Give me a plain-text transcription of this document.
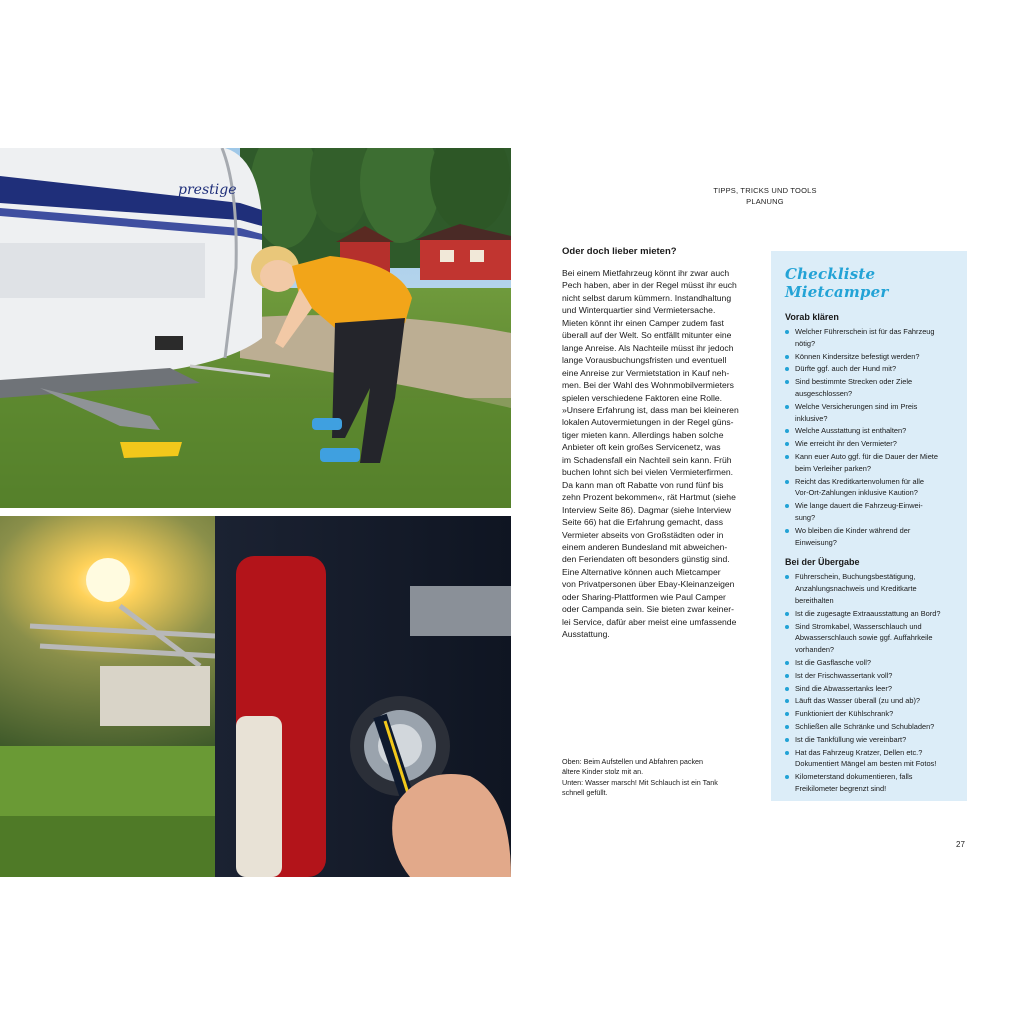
prestige	TIPPS, TRICKS UND TOOLS
PLANUNG
Oder doch lieber mieten?

Bei einem Mietfahrzeug könnt ihr zwar auch
Pech haben, aber in der Regel müsst ihr euch
nicht selbst darum kümmern. Instandhaltung
und Winterquartier sind Vermietersache.
Mieten könnt ihr einen Camper zudem fast
überall auf der Welt. So entfällt mitunter eine
lange Anreise. Als Nachteile müsst ihr jedoch
lange Vorausbuchungsfristen und eventuell
eine Anreise zur Vermietstation in Kauf neh-
men. Bei der Wahl des Wohnmobilvermieters
spielen verschiedene Faktoren eine Rolle.
»Unsere Erfahrung ist, dass man bei kleineren
lokalen Autovermietungen in der Regel güns-
tiger mieten kann. Allerdings haben solche
Anbieter oft kein großes Servicenetz, was
im Schadensfall ein Nachteil sein kann. Früh
buchen lohnt sich bei vielen Vermieterfirmen.
Da kann man oft Rabatte von rund fünf bis
zehn Prozent bekommen«, rät Hartmut (siehe
Interview Seite 86). Dagmar (siehe Interview
Seite 66) hat die Erfahrung gemacht, dass
Vermieter abseits von Großstädten oder in
einem anderen Bundesland mit abweichen-
den Feriendaten oft besonders günstig sind.
Eine Alternative können auch Mietcamper
von Privatpersonen über Ebay-Kleinanzeigen
oder Sharing-Plattformen wie Paul Camper
oder Campanda sein. Sie bieten zwar keiner-
lei Service, dafür aber meist eine umfassende
Ausstattung.

Oben: Beim Aufstellen und Abfahren packen
ältere Kinder stolz mit an.
Unten: Wasser marsch! Mit Schlauch ist ein Tank
schnell gefüllt.
Checkliste Mietcamper
Vorab klären
Welcher Führerschein ist für das Fahrzeug
nötig?
Können Kindersitze befestigt werden?
Dürfte ggf. auch der Hund mit?
Sind bestimmte Strecken oder Ziele
ausgeschlossen?
Welche Versicherungen sind im Preis
inklusive?
Welche Ausstattung ist enthalten?
Wie erreicht ihr den Vermieter?
Kann euer Auto ggf. für die Dauer der Miete
beim Verleiher parken?
Reicht das Kreditkartenvolumen für alle
Vor-Ort-Zahlungen inklusive Kaution?
Wie lange dauert die Fahrzeug-Einwei-
sung?
Wo bleiben die Kinder während der
Einweisung?
Bei der Übergabe
Führerschein, Buchungsbestätigung,
Anzahlungsnachweis und Kreditkarte
bereithalten
Ist die zugesagte Extraausstattung an Bord?
Sind Stromkabel, Wasserschlauch und
Abwasserschlauch sowie ggf. Auffahrkeile
vorhanden?
Ist die Gasflasche voll?
Ist der Frischwassertank voll?
Sind die Abwassertanks leer?
Läuft das Wasser überall (zu und ab)?
Funktioniert der Kühlschrank?
Schließen alle Schränke und Schubladen?
Ist die Tankfüllung wie vereinbart?
Hat das Fahrzeug Kratzer, Dellen etc.?
Dokumentiert Mängel am besten mit Fotos!
Kilometerstand dokumentieren, falls
Freikilometer begrenzt sind!
27
